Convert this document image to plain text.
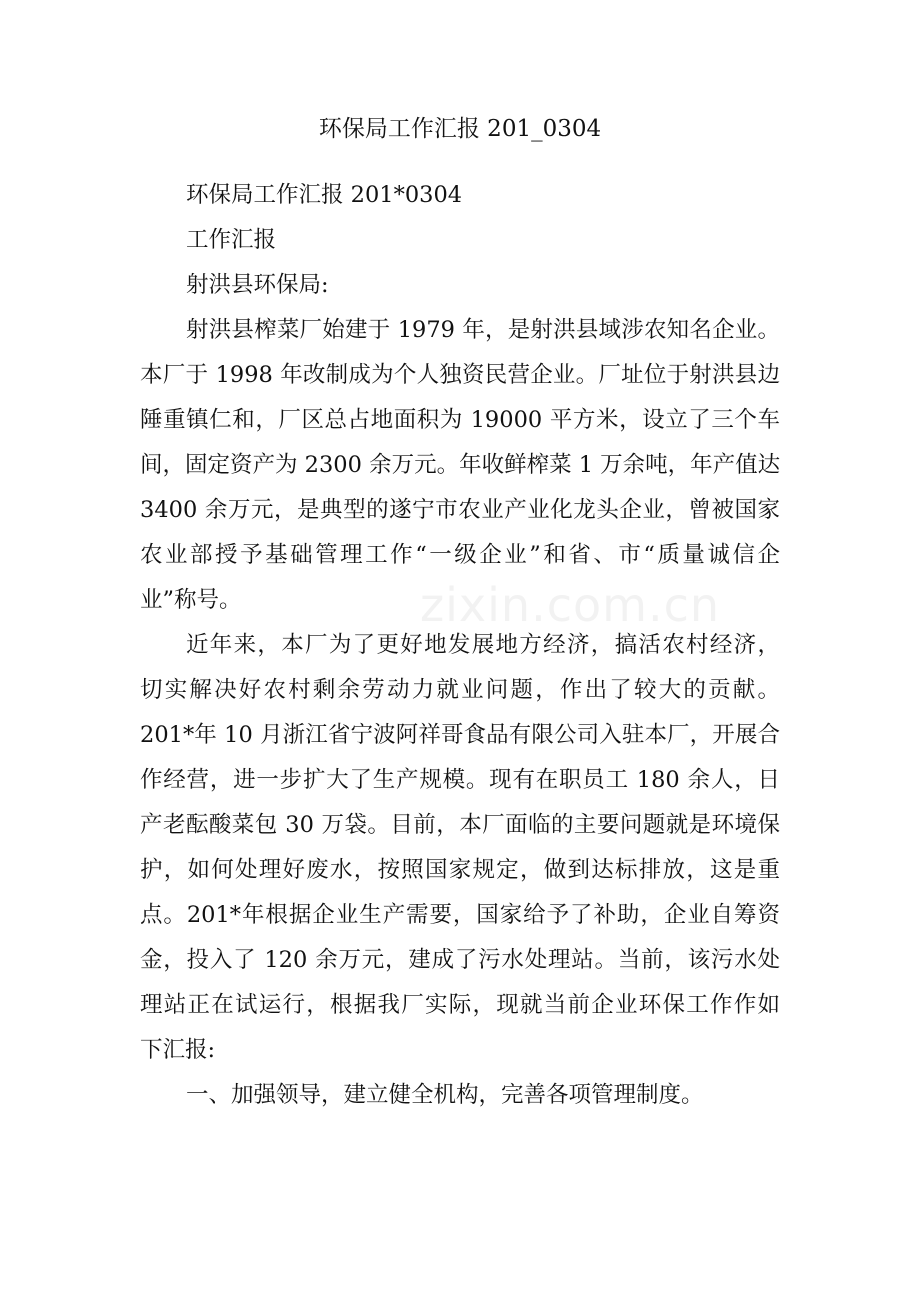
zixin.com.cn
环保局工作汇报 201_0304
环保局工作汇报 201*0304
工作汇报
射洪县环保局:
射洪县榨菜厂始建于 1979 年，是射洪县域涉农知名企业。
本厂于 1998 年改制成为个人独资民营企业。厂址位于射洪县边
陲重镇仁和，厂区总占地面积为 19000 平方米，设立了三个车
间，固定资产为 2300 余万元。年收鲜榨菜 1 万余吨，年产值达
3400 余万元，是典型的遂宁市农业产业化龙头企业，曾被国家
农业部授予基础管理工作“一级企业”和省、市“质量诚信企
业”称号。
近年来，本厂为了更好地发展地方经济，搞活农村经济，
切实解决好农村剩余劳动力就业问题，作出了较大的贡献。
201*年 10 月浙江省宁波阿祥哥食品有限公司入驻本厂，开展合
作经营，进一步扩大了生产规模。现有在职员工 180 余人，日
产老酝酸菜包 30 万袋。目前，本厂面临的主要问题就是环境保
护，如何处理好废水，按照国家规定，做到达标排放，这是重
点。201*年根据企业生产需要，国家给予了补助，企业自筹资
金，投入了 120 余万元，建成了污水处理站。当前，该污水处
理站正在试运行，根据我厂实际，现就当前企业环保工作作如
下汇报:
一、加强领导，建立健全机构，完善各项管理制度。
